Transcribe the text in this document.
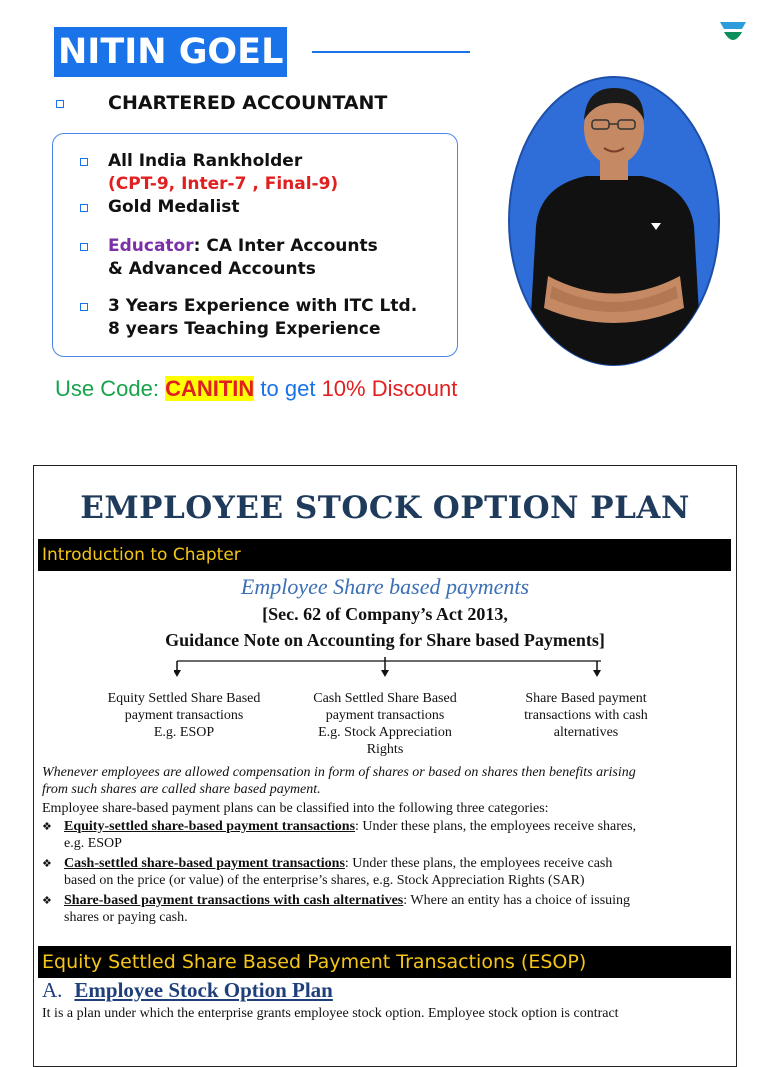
NITIN GOEL
CHARTERED ACCOUNTANT
All India Rankholder
(CPT-9, Inter-7 , Final-9)
Gold Medalist
Educator: CA Inter Accounts
& Advanced Accounts
3 Years Experience with ITC Ltd.
8 years Teaching Experience
Use Code: CANITIN to get 10% Discount
EMPLOYEE STOCK OPTION PLAN
Introduction to Chapter
Employee Share based payments
[Sec. 62 of Company’s Act 2013,
Guidance Note on Accounting for Share based Payments]
Equity Settled Share Based
payment transactions
E.g. ESOP
Cash Settled Share Based
payment transactions
E.g. Stock Appreciation
Rights
Share Based payment
transactions with cash
alternatives
Whenever employees are allowed compensation in form of shares or based on shares then benefits arising
from such shares are called share based payment.
Employee share-based payment plans can be classified into the following three categories:
❖ Equity-settled share-based payment transactions: Under these plans, the employees receive shares,
e.g. ESOP
❖ Cash-settled share-based payment transactions: Under these plans, the employees receive cash
based on the price (or value) of the enterprise’s shares, e.g. Stock Appreciation Rights (SAR)
❖ Share-based payment transactions with cash alternatives: Where an entity has a choice of issuing
shares or paying cash.
Equity Settled Share Based Payment Transactions (ESOP)
A. Employee Stock Option Plan
It is a plan under which the enterprise grants employee stock option. Employee stock option is contract
